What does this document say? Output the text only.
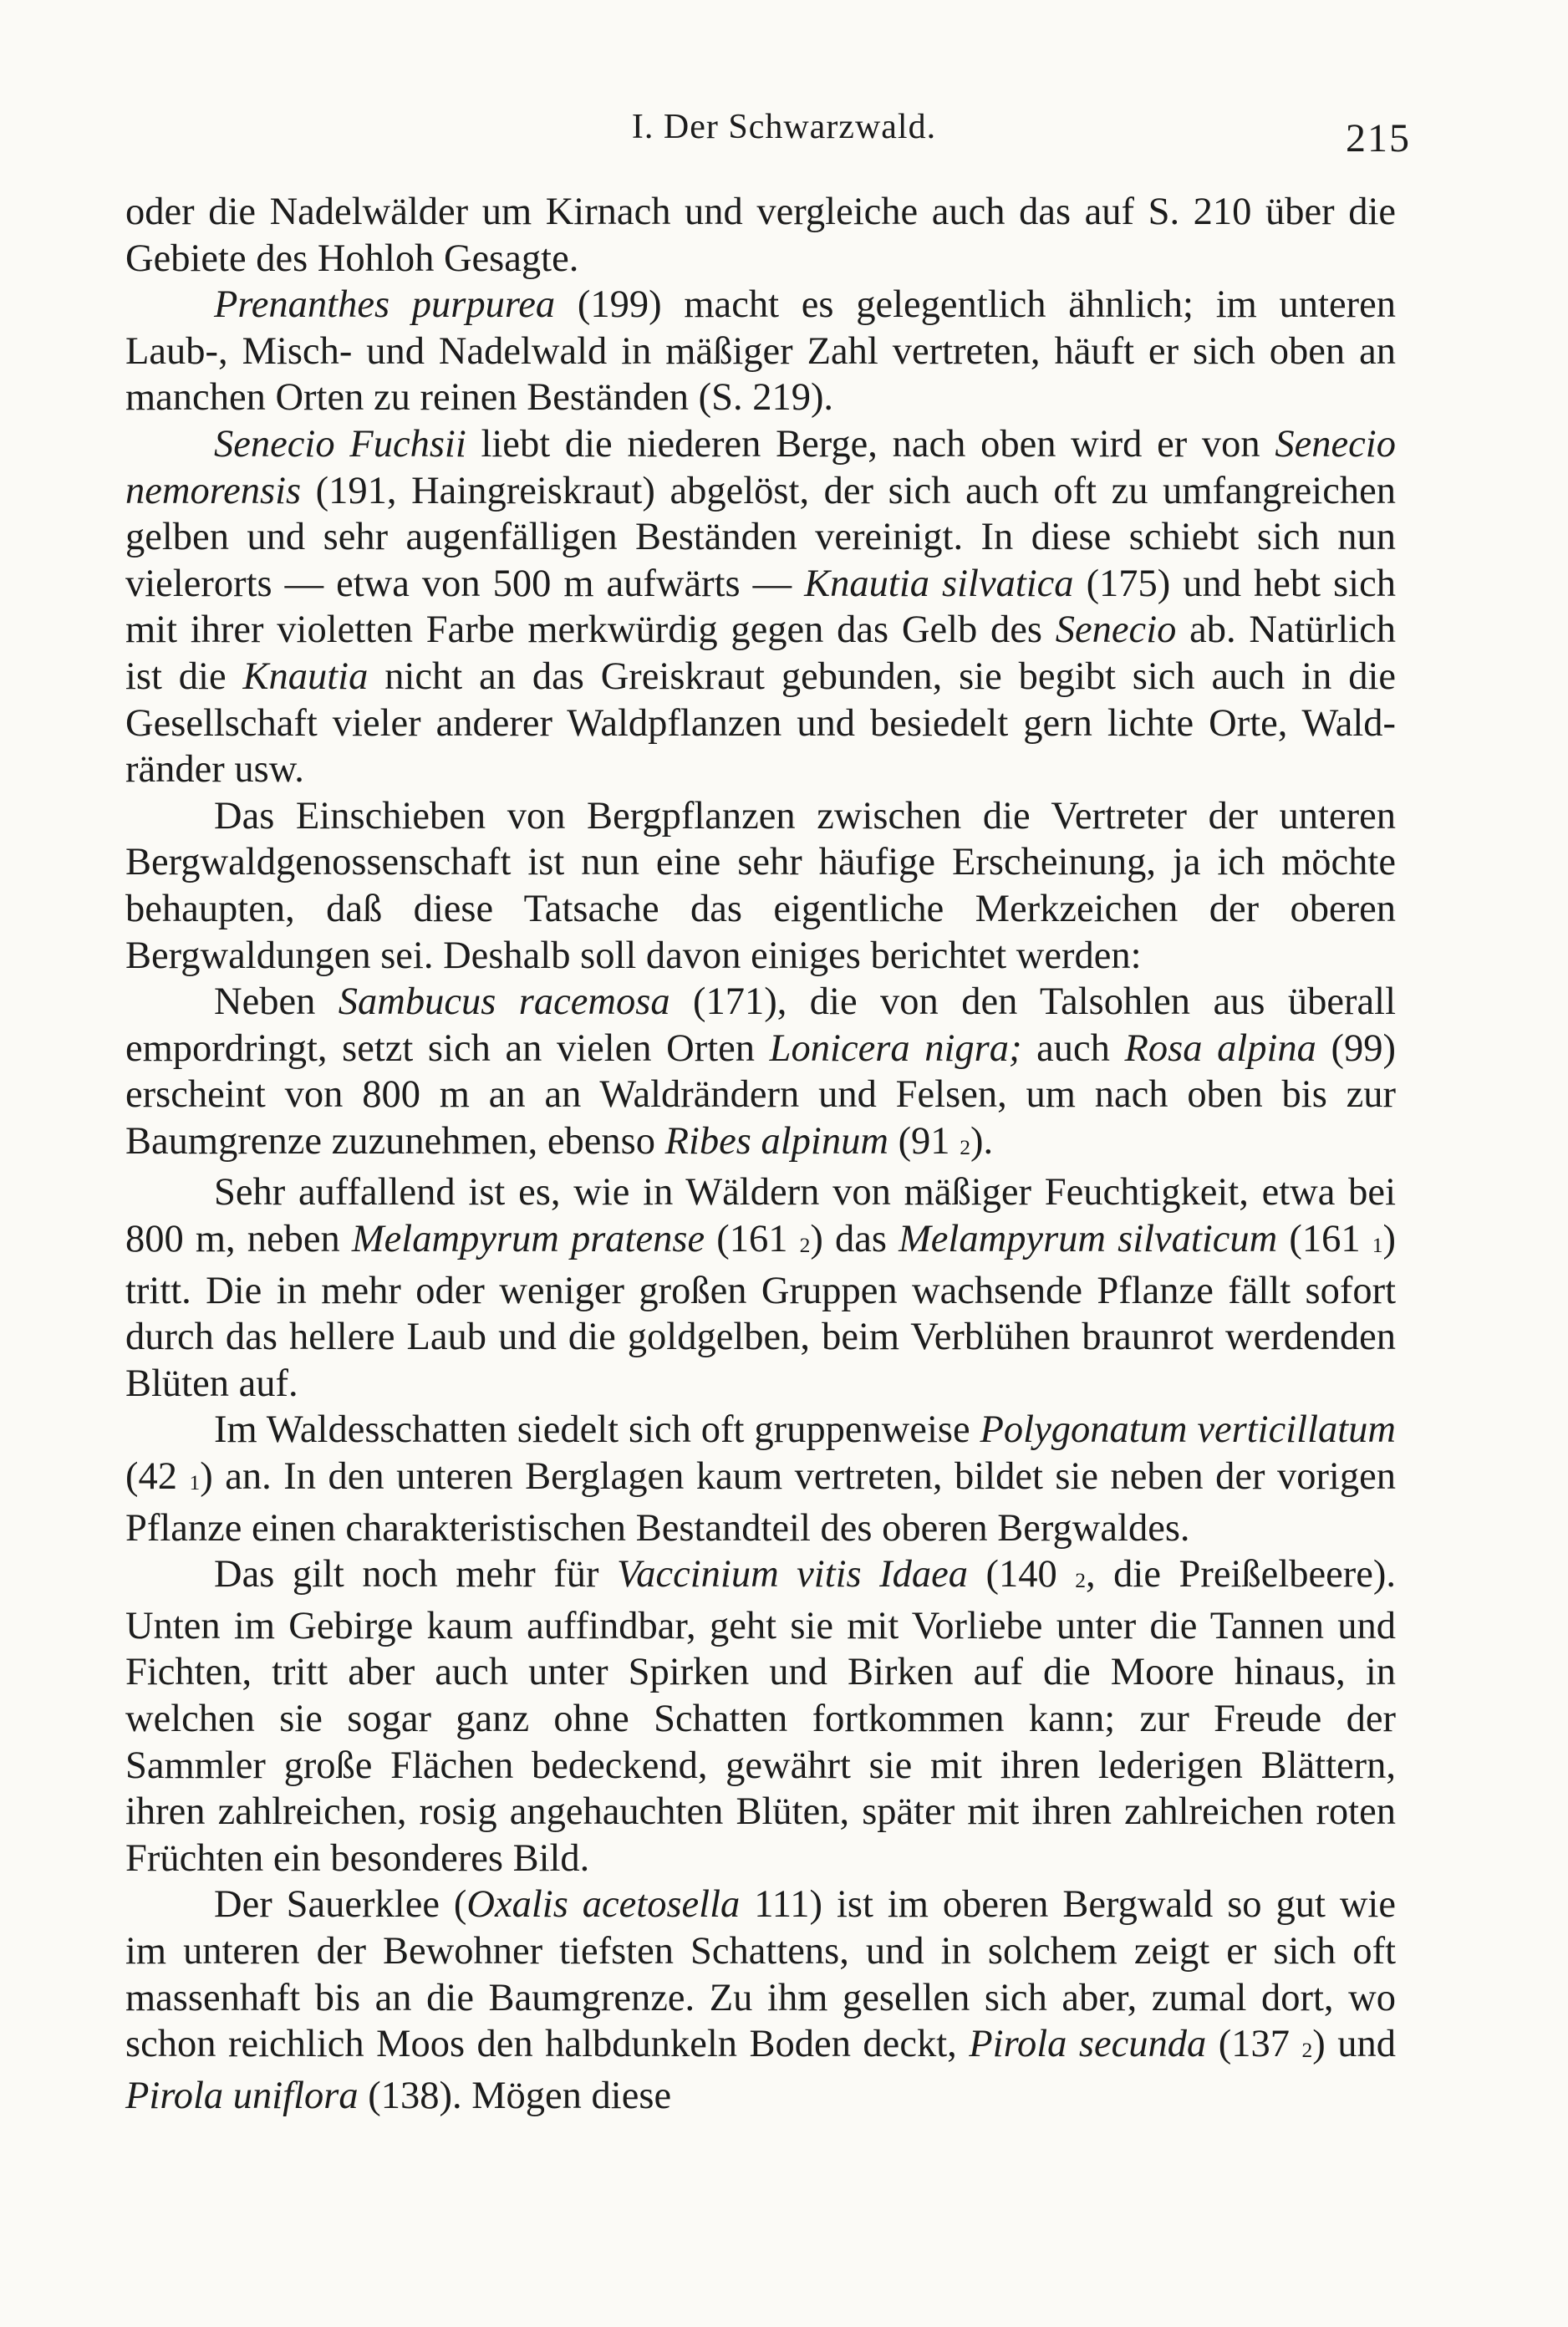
I. Der Schwarzwald.	215

oder die Nadelwälder um Kirnach und vergleiche auch das auf S. 210 über die Gebiete des Hohloh Gesagte.

Prenanthes purpurea (199) macht es gelegentlich ähnlich; im unteren Laub-, Misch- und Nadelwald in mäßiger Zahl vertreten, häuft er sich oben an manchen Orten zu reinen Beständen (S. 219).

Senecio Fuchsii liebt die niederen Berge, nach oben wird er von Senecio nemorensis (191, Haingreiskraut) abgelöst, der sich auch oft zu umfangreichen gelben und sehr augenfälligen Beständen vereinigt. In diese schiebt sich nun vielerorts — etwa von 500 m aufwärts — Knautia silvatica (175) und hebt sich mit ihrer violetten Farbe merkwürdig gegen das Gelb des Senecio ab. Natürlich ist die Knautia nicht an das Greiskraut gebunden, sie begibt sich auch in die Gesellschaft vieler anderer Waldpflanzen und besiedelt gern lichte Orte, Waldränder usw.

Das Einschieben von Bergpflanzen zwischen die Vertreter der unteren Bergwaldgenossenschaft ist nun eine sehr häufige Erscheinung, ja ich möchte behaupten, daß diese Tatsache das eigentliche Merkzeichen der oberen Bergwaldungen sei. Deshalb soll davon einiges berichtet werden:

Neben Sambucus racemosa (171), die von den Talsohlen aus überall empordringt, setzt sich an vielen Orten Lonicera nigra; auch Rosa alpina (99) erscheint von 800 m an an Waldrändern und Felsen, um nach oben bis zur Baumgrenze zuzunehmen, ebenso Ribes alpinum (91 $_2$).

Sehr auffallend ist es, wie in Wäldern von mäßiger Feuchtigkeit, etwa bei 800 m, neben Melampyrum pratense (161 $_2$) das Melampyrum silvaticum (161 $_1$) tritt. Die in mehr oder weniger großen Gruppen wachsende Pflanze fällt sofort durch das hellere Laub und die goldgelben, beim Verblühen braunrot werdenden Blüten auf.

Im Waldesschatten siedelt sich oft gruppenweise Polygonatum verticillatum (42 $_1$) an. In den unteren Berglagen kaum vertreten, bildet sie neben der vorigen Pflanze einen charakteristischen Bestandteil des oberen Bergwaldes.

Das gilt noch mehr für Vaccinium vitis Idaea (140 $_2$, die Preißelbeere). Unten im Gebirge kaum auffindbar, geht sie mit Vorliebe unter die Tannen und Fichten, tritt aber auch unter Spirken und Birken auf die Moore hinaus, in welchen sie sogar ganz ohne Schatten fortkommen kann; zur Freude der Sammler große Flächen bedeckend, gewährt sie mit ihren lederigen Blättern, ihren zahlreichen, rosig angehauchten Blüten, später mit ihren zahlreichen roten Früchten ein besonderes Bild.

Der Sauerklee (Oxalis acetosella 111) ist im oberen Bergwald so gut wie im unteren der Bewohner tiefsten Schattens, und in solchem zeigt er sich oft massenhaft bis an die Baumgrenze. Zu ihm gesellen sich aber, zumal dort, wo schon reichlich Moos den halbdunkeln Boden deckt, Pirola secunda (137 $_2$) und Pirola uniflora (138). Mögen diese
